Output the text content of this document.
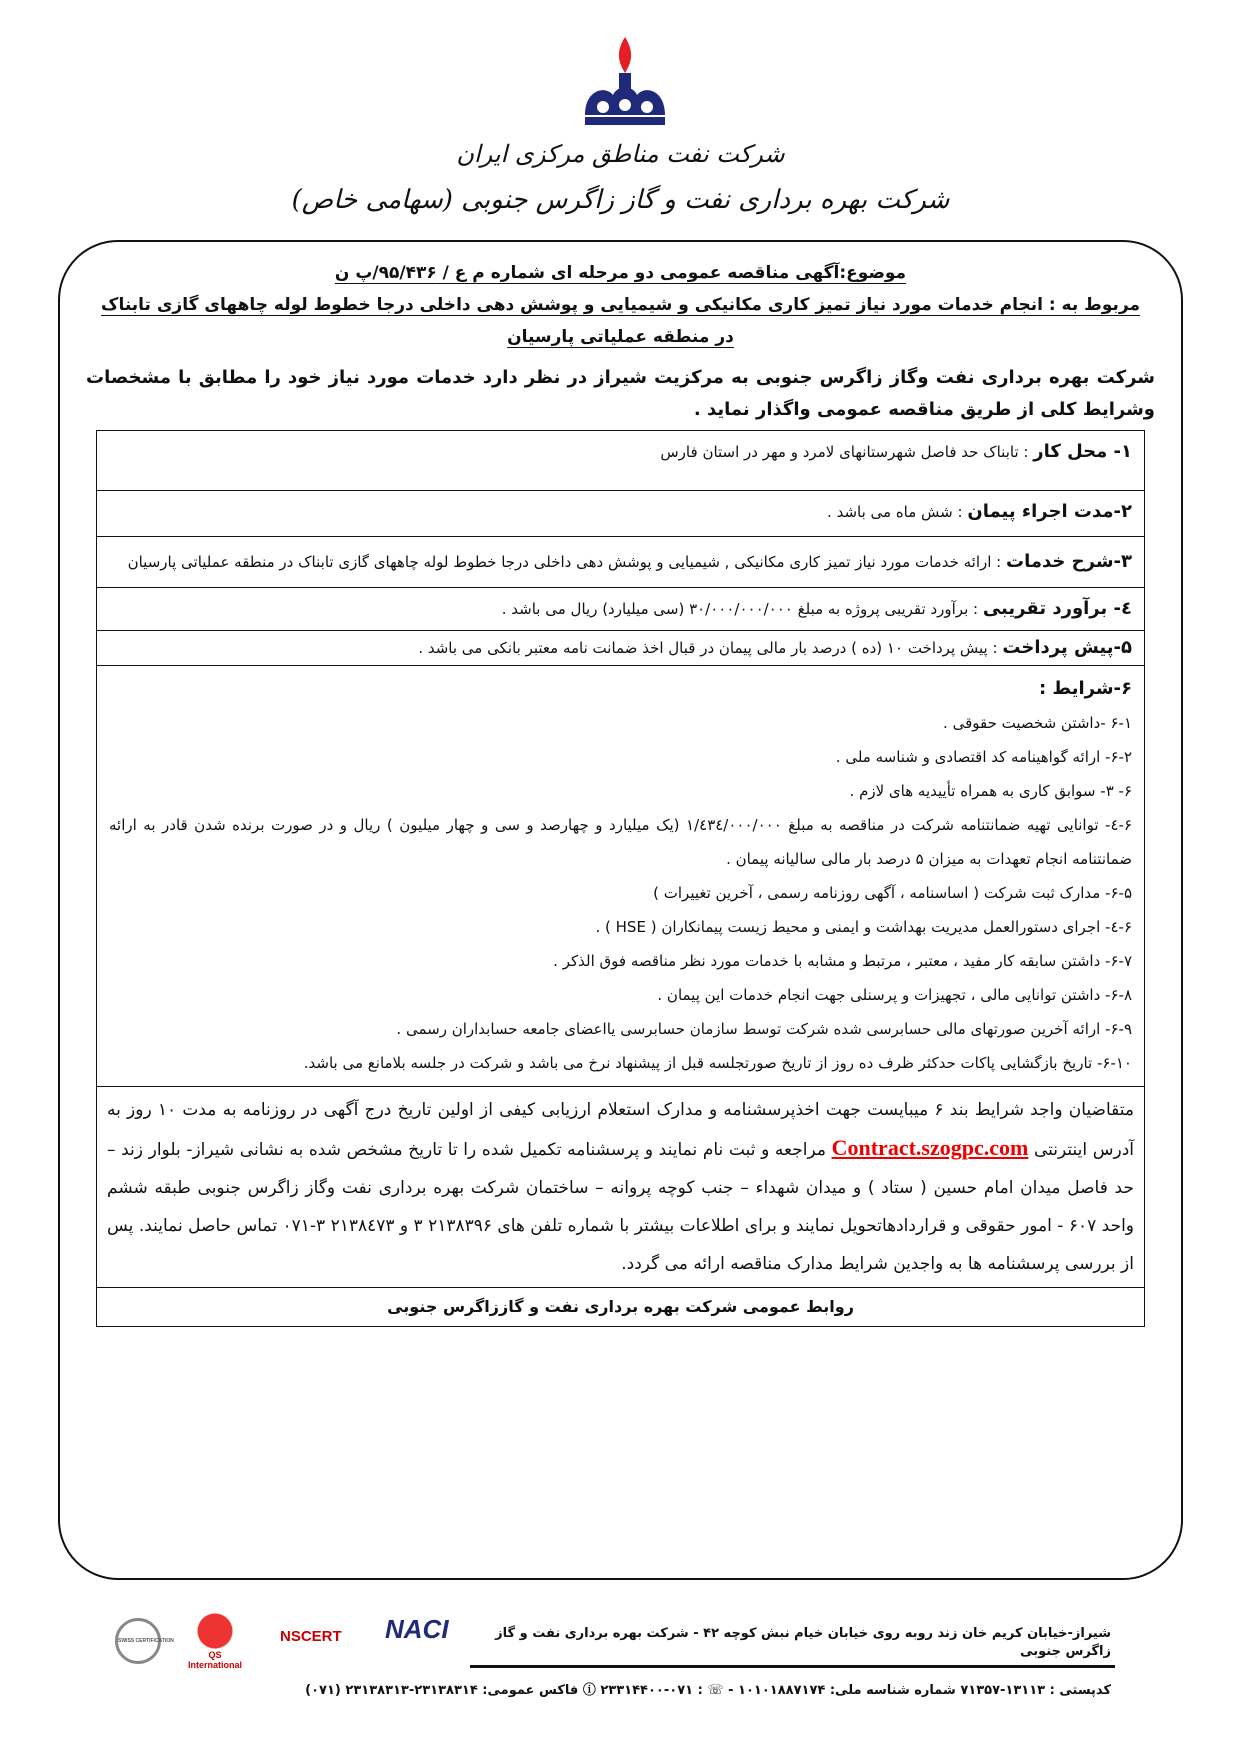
شرکت نفت مناطق مرکزی ایران
شرکت بهره برداری نفت و گاز زاگرس جنوبی (سهامی خاص)
موضوع:آگهی مناقصه عمومی دو مرحله ای شماره م ع / ۹۵/۴۳۶/پ ن
مربوط به : انجام خدمات مورد نیاز تمیز کاری مکانیکی و شیمیایی و پوشش دهی داخلی درجا خطوط لوله چاههای گازی تابناک
در منطقه عملیاتی پارسیان
شرکت بهره برداری نفت وگاز زاگرس جنوبی به مرکزیت شیراز در نظر دارد خدمات مورد نیاز خود را مطابق با مشخصات وشرایط کلی از طریق مناقصه عمومی واگذار نماید .
۱- محل کار : تابناک حد فاصل شهرستانهای لامرد و مهر در استان فارس
۲-مدت اجراء پیمان : شش ماه می باشد .
۳-شرح خدمات : ارائه خدمات مورد نیاز تمیز کاری مکانیکی , شیمیایی و پوشش دهی داخلی درجا خطوط لوله چاههای گازی تابناک در منطقه عملیاتی پارسیان
٤- برآورد تقریبی : برآورد تقریبی پروژه به مبلغ ۳۰/۰۰۰/۰۰۰/۰۰۰ (سی میلیارد) ریال می باشد .
۵-پیش پرداخت : پیش پرداخت ۱۰ (ده ) درصد بار مالی پیمان در قبال اخذ ضمانت نامه معتبر بانکی می باشد .
۶-شرایط :
۶-۱ -داشتن شخصیت حقوقی .
۶-۲- ارائه گواهینامه کد اقتصادی و شناسه ملی .
۶- ۳- سوابق کاری به همراه تأییدیه های لازم .
۶-٤- توانایی تهیه ضمانتنامه شرکت در مناقصه به مبلغ ۱/٤۳٤/۰۰۰/۰۰۰ (یک میلیارد و چهارصد و سی و چهار میلیون ) ریال و در صورت برنده شدن قادر به ارائه ضمانتنامه انجام تعهدات به میزان ۵ درصد بار مالی سالیانه پیمان .
۶-۵- مدارک ثبت شرکت ( اساسنامه ، آگهی روزنامه رسمی ، آخرین تغییرات )
۶-٤- اجرای دستورالعمل مدیریت بهداشت و ایمنی و محیط زیست پیمانکاران ( HSE ) .
۶-۷- داشتن سابقه کار مفید ، معتبر ، مرتبط و مشابه با خدمات مورد نظر مناقصه فوق الذکر .
۶-۸- داشتن توانایی مالی ، تجهیزات و پرسنلی جهت انجام خدمات این پیمان .
۶-۹- ارائه آخرین صورتهای مالی حسابرسی شده شرکت توسط سازمان حسابرسی یااعضای جامعه حسابداران رسمی .
۶-۱۰- تاریخ بازگشایی پاکات حدکثر ظرف ده روز از تاریخ صورتجلسه قبل از پیشنهاد نرخ می باشد و شرکت در جلسه بلامانع می باشد.
متقاضیان واجد شرایط بند ۶ میبایست جهت اخذپرسشنامه و مدارک استعلام ارزیابی کیفی از اولین تاریخ درج آگهی در روزنامه به مدت ۱۰ روز به آدرس اینترنتی Contract.szogpc.com مراجعه و ثبت نام نمایند و پرسشنامه تکمیل شده را تا تاریخ مشخص شده به نشانی شیراز- بلوار زند – حد فاصل میدان امام حسین ( ستاد ) و میدان شهداء – جنب کوچه پروانه – ساختمان شرکت بهره برداری نفت وگاز زاگرس جنوبی طبقه ششم واحد ۶۰۷ - امور حقوقی و قراردادهاتحویل نمایند و برای اطلاعات بیشتر با شماره تلفن های ۲۱۳۸۳۹۶ ۳ و ۲۱۳۸٤۷۳ ۳-۰۷۱ تماس حاصل نمایند. پس از بررسی پرسشنامه ها به واجدین شرایط مدارک مناقصه ارائه می گردد.
روابط عمومی شرکت بهره برداری نفت و گاززاگرس جنوبی
شیراز-خیابان کریم خان زند روبه روی خیابان خیام نبش کوچه ۴۲ - شرکت بهره برداری نفت و گاز زاگرس جنوبی
کدپستی : ۱۳۱۱۳-۷۱۳۵۷ شماره شناسه ملی: ۱۰۱۰۱۸۸۷۱۷۴ - ☏ : ۰۷۱-۲۳۳۱۴۴۰۰ ⓘ فاکس عمومی: ۲۳۱۳۸۳۱۴-۲۳۱۳۸۳۱۳ (۰۷۱)
NACI
NSCERT
QS International
SWISS CERTIFICATION
